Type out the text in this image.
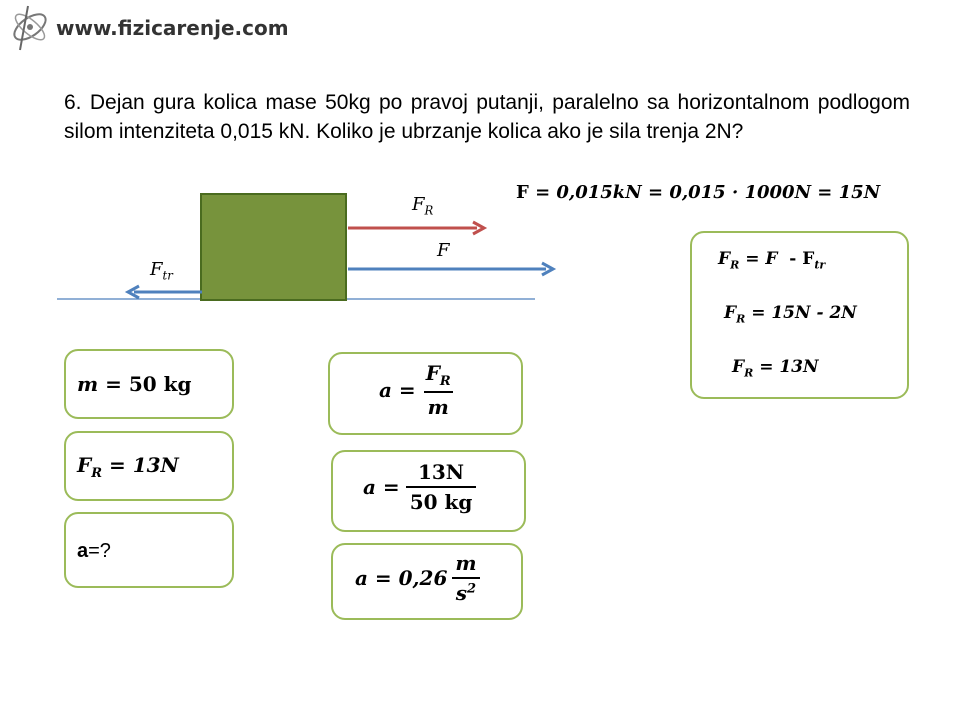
www.fizicarenje.com

6. Dejan gura kolica mase 50kg po pravoj putanji, paralelno sa horizontalnom podlogom silom intenziteta 0,015 kN. Koliko je ubrzanje kolica ako je sila trenja 2N?

F = 0,015kN = 0,015 · 1000N = 15N
$F_R$
F
$F_{tr}$
$F_R = F - F_{tr}$
$F_R = 15N - 2N$
$F_R = 13N$
m = 50 kg
$F_R = 13N$
a=?
$a = \frac{F_R}{m}$
$a = \frac{13N}{50 kg}$
$a = 0,26 \frac{m}{s^2}$
